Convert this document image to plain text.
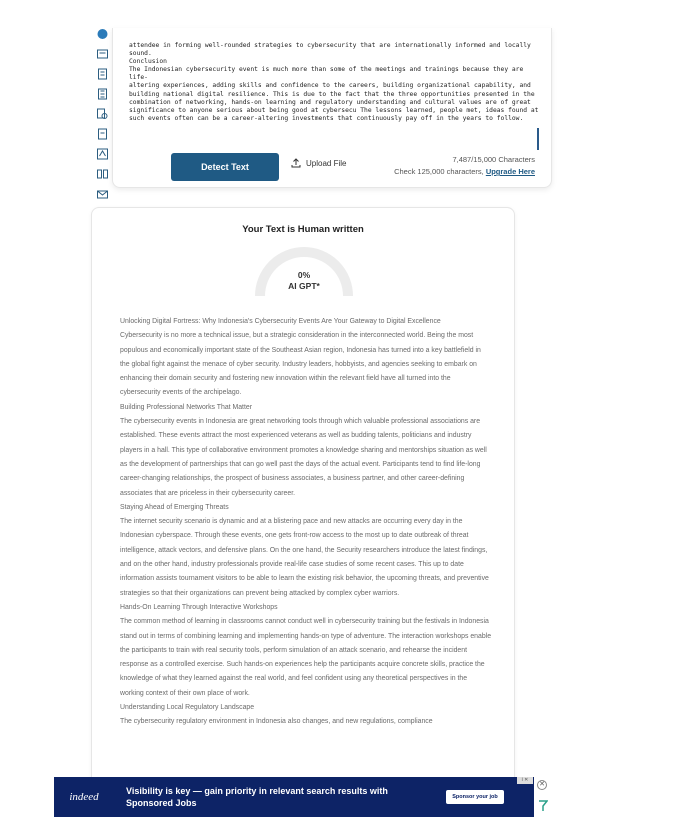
attendee in forming well-rounded strategies to cybersecurity that are internationally informed and locally
sound.
Conclusion
The Indonesian cybersecurity event is much more than some of the meetings and trainings because they are life-
altering experiences, adding skills and confidence to the careers, building organizational capability, and
building national digital resilience. This is due to the fact that the three opportunities presented in the
combination of networking, hands-on learning and regulatory understanding and cultural values are of great
significance to anyone serious about being good at cybersecu The lessons learned, people met, ideas found at
such events often can be a career-altering investments that continuously pay off in the years to follow.
Detect Text	Upload File	7,487/15,000 Characters
Check 125,000 characters, Upgrade Here
Your Text is Human written
0%
AI GPT*

Unlocking Digital Fortress: Why Indonesia's Cybersecurity Events Are Your Gateway to Digital Excellence

Cybersecurity is no more a technical issue, but a strategic consideration in the interconnected world. Being the most populous and economically important state of the Southeast Asian region, Indonesia has turned into a key battlefield in the global fight against the menace of cyber security. Industry leaders, hobbyists, and agencies seeking to embark on enhancing their domain security and fostering new innovation within the relevant field have all turned into the cybersecurity events of the archipelago.

Building Professional Networks That Matter

The cybersecurity events in Indonesia are great networking tools through which valuable professional associations are established. These events attract the most experienced veterans as well as budding talents, politicians and industry players in a hall. This type of collaborative environment promotes a knowledge sharing and mentorships situation as well as the development of partnerships that can go well past the days of the actual event. Participants tend to find life-long career-changing relationships, the prospect of business associates, a business partner, and other career-defining associates that are priceless in their cybersecurity career.

Staying Ahead of Emerging Threats

The internet security scenario is dynamic and at a blistering pace and new attacks are occurring every day in the Indonesian cyberspace. Through these events, one gets front-row access to the most up to date outbreak of threat intelligence, attack vectors, and defensive plans. On the one hand, the Security researchers introduce the latest findings, and on the other hand, industry professionals provide real-life case studies of some recent cases. This up to date information assists tournament visitors to be able to learn the existing risk behavior, the upcoming threats, and preventive strategies so that their organizations can prevent being attacked by complex cyber warriors.

Hands-On Learning Through Interactive Workshops

The common method of learning in classrooms cannot conduct well in cybersecurity training but the festivals in Indonesia stand out in terms of combining learning and implementing hands-on type of adventure. The interaction workshops enable the participants to train with real security tools, perform simulation of an attack scenario, and rehearse the incident response as a controlled exercise. Such hands-on experiences help the participants acquire concrete skills, practice the knowledge of what they learned against the real world, and feel confident using any theoretical perspectives in the working context of their own place of work.

Understanding Local Regulatory Landscape

The cybersecurity regulatory environment in Indonesia also changes, and new regulations, compliance

indeed	Visibility is key — gain priority in relevant search results with Sponsored Jobs
Sponsor your job
i ✕
✕
